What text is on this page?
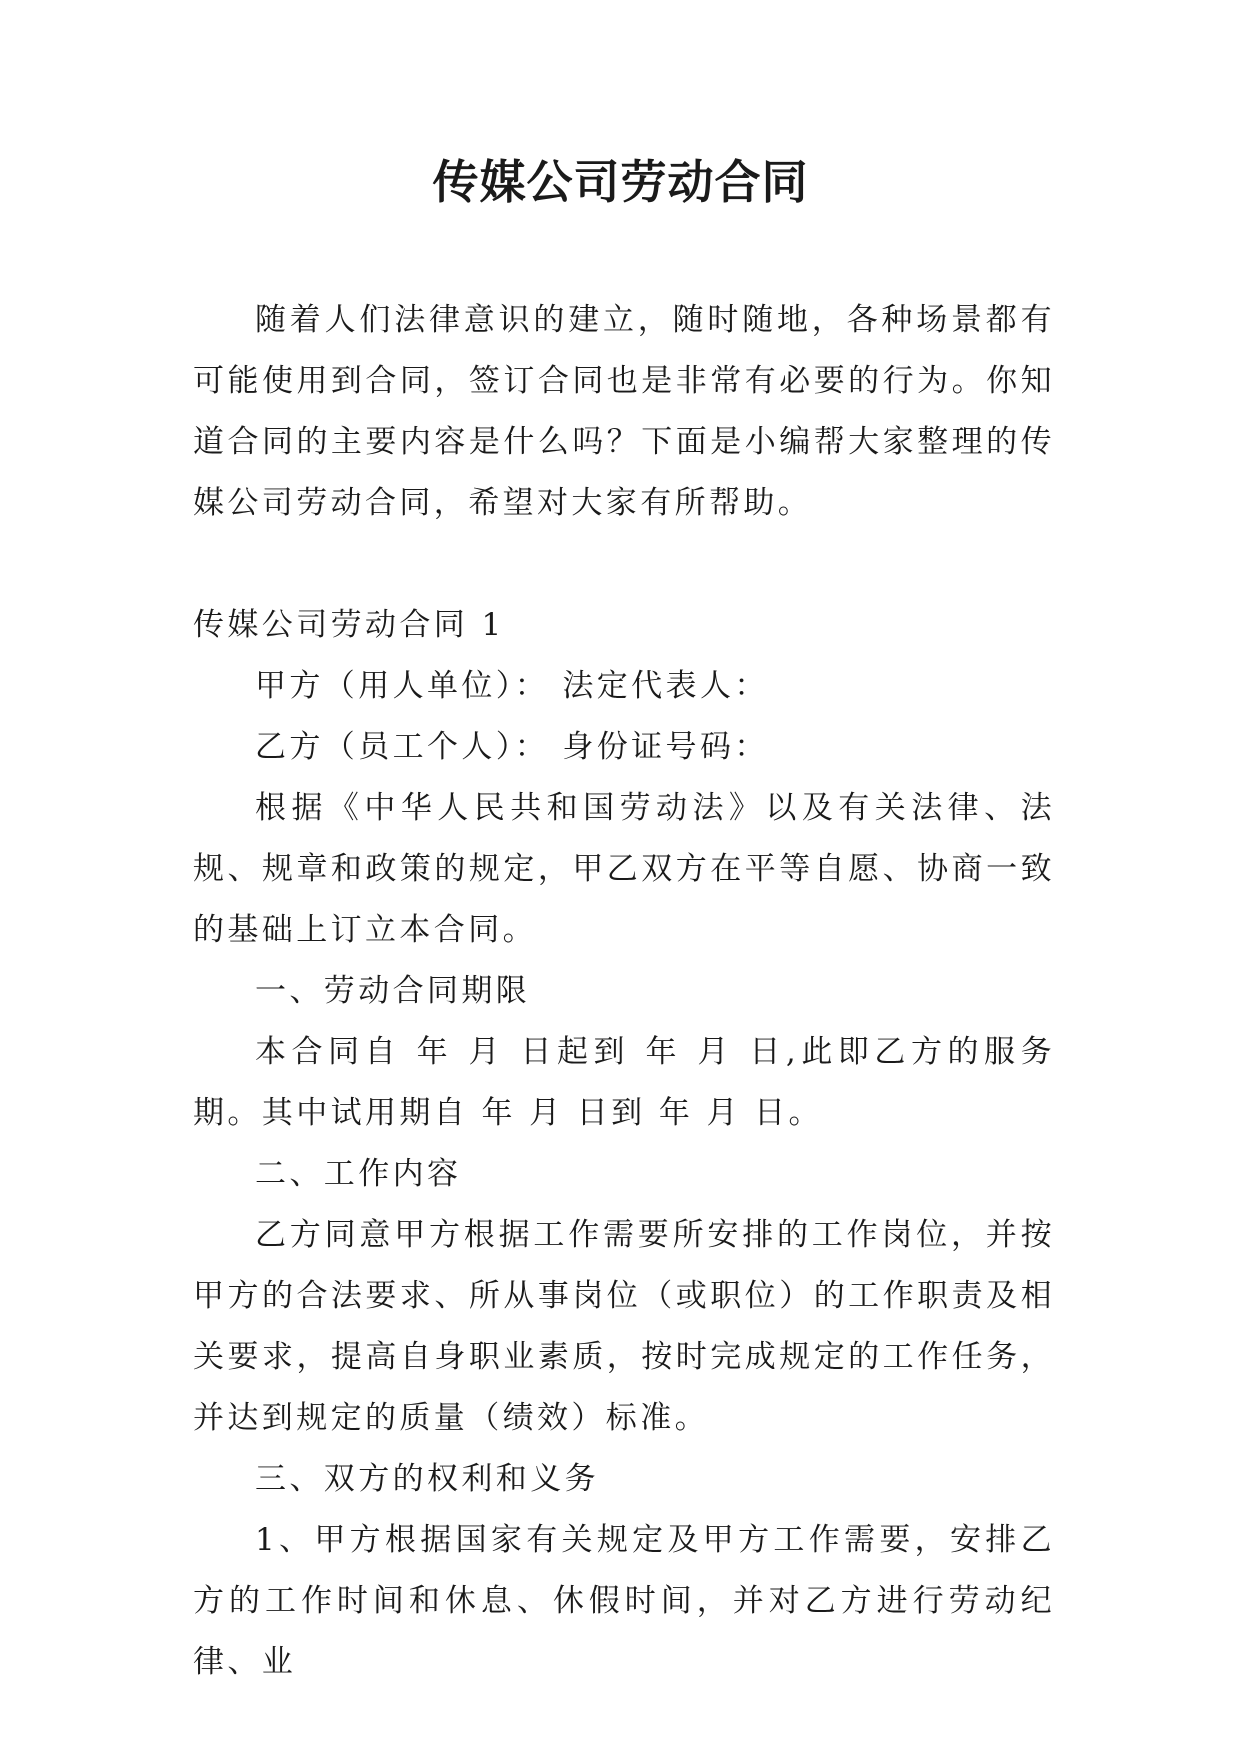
传媒公司劳动合同

随着人们法律意识的建立，随时随地，各种场景都有可能使用到合同，签订合同也是非常有必要的行为。你知道合同的主要内容是什么吗？下面是小编帮大家整理的传媒公司劳动合同，希望对大家有所帮助。

传媒公司劳动合同 1

甲方（用人单位）： 法定代表人：

乙方（员工个人）： 身份证号码：

根据《中华人民共和国劳动法》以及有关法律、法规、规章和政策的规定，甲乙双方在平等自愿、协商一致的基础上订立本合同。

一、劳动合同期限

本合同自 年 月 日起到 年 月 日,此即乙方的服务期。其中试用期自 年 月 日到 年 月 日。

二、工作内容

乙方同意甲方根据工作需要所安排的工作岗位，并按甲方的合法要求、所从事岗位（或职位）的工作职责及相关要求，提高自身职业素质，按时完成规定的工作任务，并达到规定的质量（绩效）标准。

三、双方的权利和义务

1、甲方根据国家有关规定及甲方工作需要，安排乙方的工作时间和休息、休假时间，并对乙方进行劳动纪律、业
